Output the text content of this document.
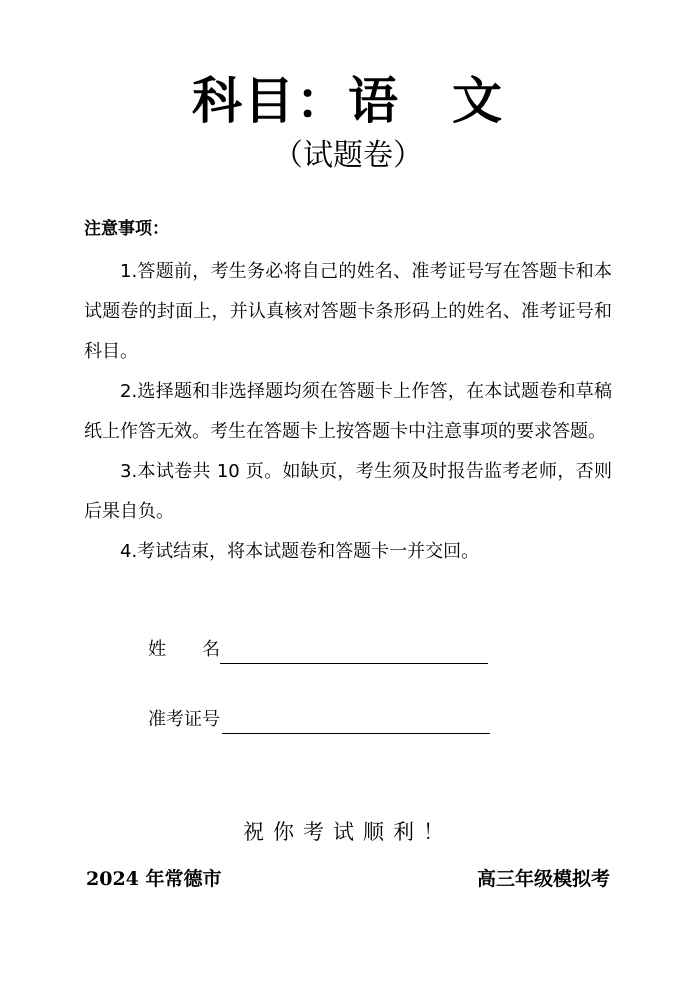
科目：语　文
（试题卷）
注意事项：

1.答题前，考生务必将自己的姓名、准考证号写在答题卡和本试题卷的封面上，并认真核对答题卡条形码上的姓名、准考证号和科目。

2.选择题和非选择题均须在答题卡上作答，在本试题卷和草稿纸上作答无效。考生在答题卡上按答题卡中注意事项的要求答题。

3.本试卷共 10 页。如缺页，考生须及时报告监考老师，否则后果自负。

4.考试结束，将本试题卷和答题卡一并交回。

姓　　名
准考证号
祝你考试顺利！
2024 年常德市	高三年级模拟考
